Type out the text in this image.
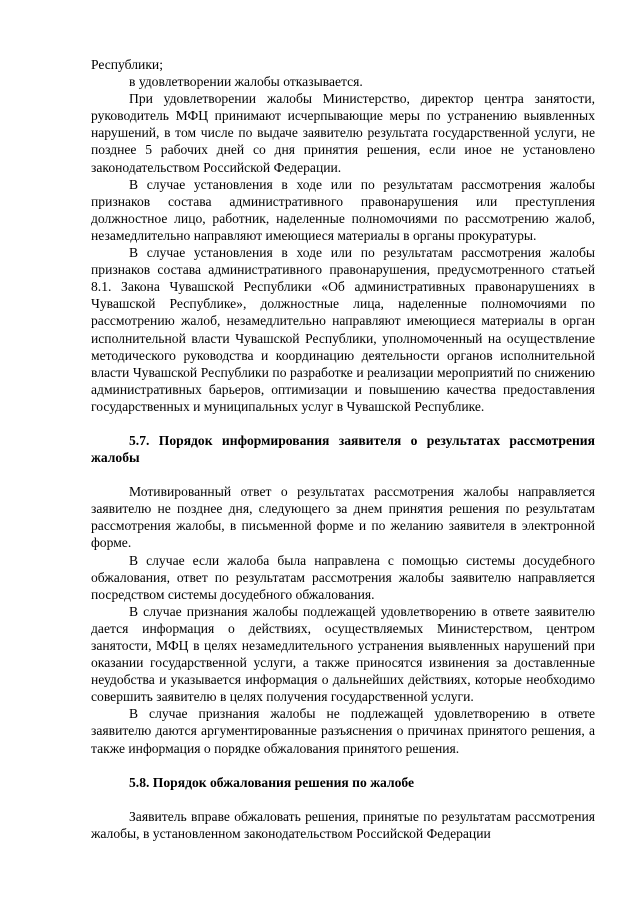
Республики;

в удовлетворении жалобы отказывается.

При удовлетворении жалобы Министерство, директор центра занятости, руководитель МФЦ принимают исчерпывающие меры по устранению выявленных нарушений, в том числе по выдаче заявителю результата государственной услуги, не позднее 5 рабочих дней со дня принятия решения, если иное не установлено законодательством Российской Федерации.

В случае установления в ходе или по результатам рассмотрения жалобы признаков состава административного правонарушения или преступления должностное лицо, работник, наделенные полномочиями по рассмотрению жалоб, незамедлительно направляют имеющиеся материалы в органы прокуратуры.

В случае установления в ходе или по результатам рассмотрения жалобы признаков состава административного правонарушения, предусмотренного статьей 8.1. Закона Чувашской Республики «Об административных правонарушениях в Чувашской Республике», должностные лица, наделенные полномочиями по рассмотрению жалоб, незамедлительно направляют имеющиеся материалы в орган исполнительной власти Чувашской Республики, уполномоченный на осуществление методического руководства и координацию деятельности органов исполнительной власти Чувашской Республики по разработке и реализации мероприятий по снижению административных барьеров, оптимизации и повышению качества предоставления государственных и муниципальных услуг в Чувашской Республике.

5.7. Порядок информирования заявителя о результатах рассмотрения жалобы

Мотивированный ответ о результатах рассмотрения жалобы направляется заявителю не позднее дня, следующего за днем принятия решения по результатам рассмотрения жалобы, в письменной форме и по желанию заявителя в электронной форме.

В случае если жалоба была направлена с помощью системы досудебного обжалования, ответ по результатам рассмотрения жалобы заявителю направляется посредством системы досудебного обжалования.

В случае признания жалобы подлежащей удовлетворению в ответе заявителю дается информация о действиях, осуществляемых Министерством, центром занятости, МФЦ в целях незамедлительного устранения выявленных нарушений при оказании государственной услуги, а также приносятся извинения за доставленные неудобства и указывается информация о дальнейших действиях, которые необходимо совершить заявителю в целях получения государственной услуги.

В случае признания жалобы не подлежащей удовлетворению в ответе заявителю даются аргументированные разъяснения о причинах принятого решения, а также информация о порядке обжалования принятого решения.

5.8. Порядок обжалования решения по жалобе

Заявитель вправе обжаловать решения, принятые по результатам рассмотрения жалобы, в установленном законодательством Российской Федерации
